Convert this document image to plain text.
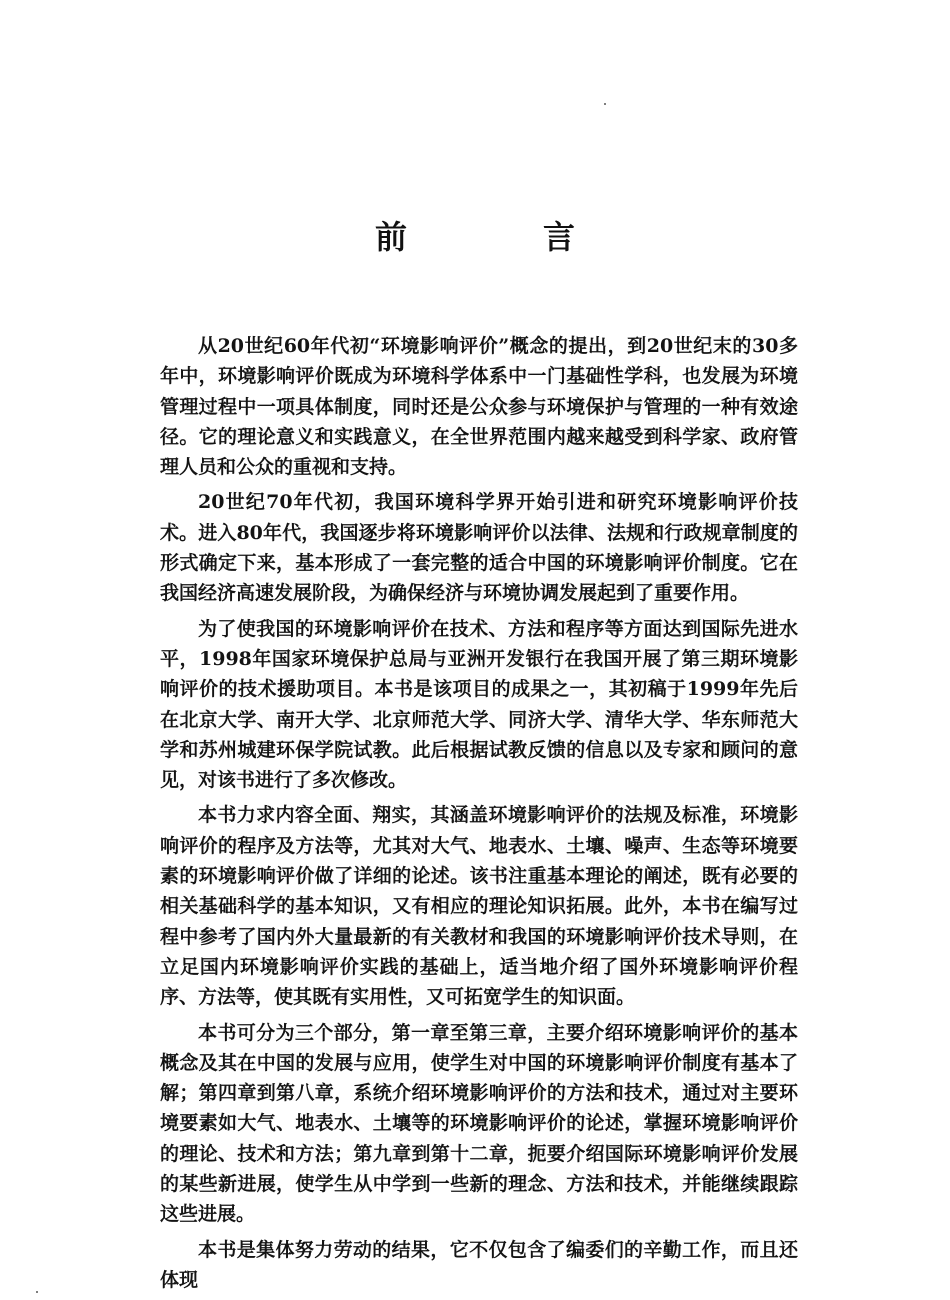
前　言

从20世纪60年代初“环境影响评价”概念的提出，到20世纪末的30多年中，环境影响评价既成为环境科学体系中一门基础性学科，也发展为环境管理过程中一项具体制度，同时还是公众参与环境保护与管理的一种有效途径。它的理论意义和实践意义，在全世界范围内越来越受到科学家、政府管理人员和公众的重视和支持。

20世纪70年代初，我国环境科学界开始引进和研究环境影响评价技术。进入80年代，我国逐步将环境影响评价以法律、法规和行政规章制度的形式确定下来，基本形成了一套完整的适合中国的环境影响评价制度。它在我国经济高速发展阶段，为确保经济与环境协调发展起到了重要作用。

为了使我国的环境影响评价在技术、方法和程序等方面达到国际先进水平，1998年国家环境保护总局与亚洲开发银行在我国开展了第三期环境影响评价的技术援助项目。本书是该项目的成果之一，其初稿于1999年先后在北京大学、南开大学、北京师范大学、同济大学、清华大学、华东师范大学和苏州城建环保学院试教。此后根据试教反馈的信息以及专家和顾问的意见，对该书进行了多次修改。

本书力求内容全面、翔实，其涵盖环境影响评价的法规及标准，环境影响评价的程序及方法等，尤其对大气、地表水、土壤、噪声、生态等环境要素的环境影响评价做了详细的论述。该书注重基本理论的阐述，既有必要的相关基础科学的基本知识，又有相应的理论知识拓展。此外，本书在编写过程中参考了国内外大量最新的有关教材和我国的环境影响评价技术导则，在立足国内环境影响评价实践的基础上，适当地介绍了国外环境影响评价程序、方法等，使其既有实用性，又可拓宽学生的知识面。

本书可分为三个部分，第一章至第三章，主要介绍环境影响评价的基本概念及其在中国的发展与应用，使学生对中国的环境影响评价制度有基本了解；第四章到第八章，系统介绍环境影响评价的方法和技术，通过对主要环境要素如大气、地表水、土壤等的环境影响评价的论述，掌握环境影响评价的理论、技术和方法；第九章到第十二章，扼要介绍国际环境影响评价发展的某些新进展，使学生从中学到一些新的理念、方法和技术，并能继续跟踪这些进展。

本书是集体努力劳动的结果，它不仅包含了编委们的辛勤工作，而且还体现
